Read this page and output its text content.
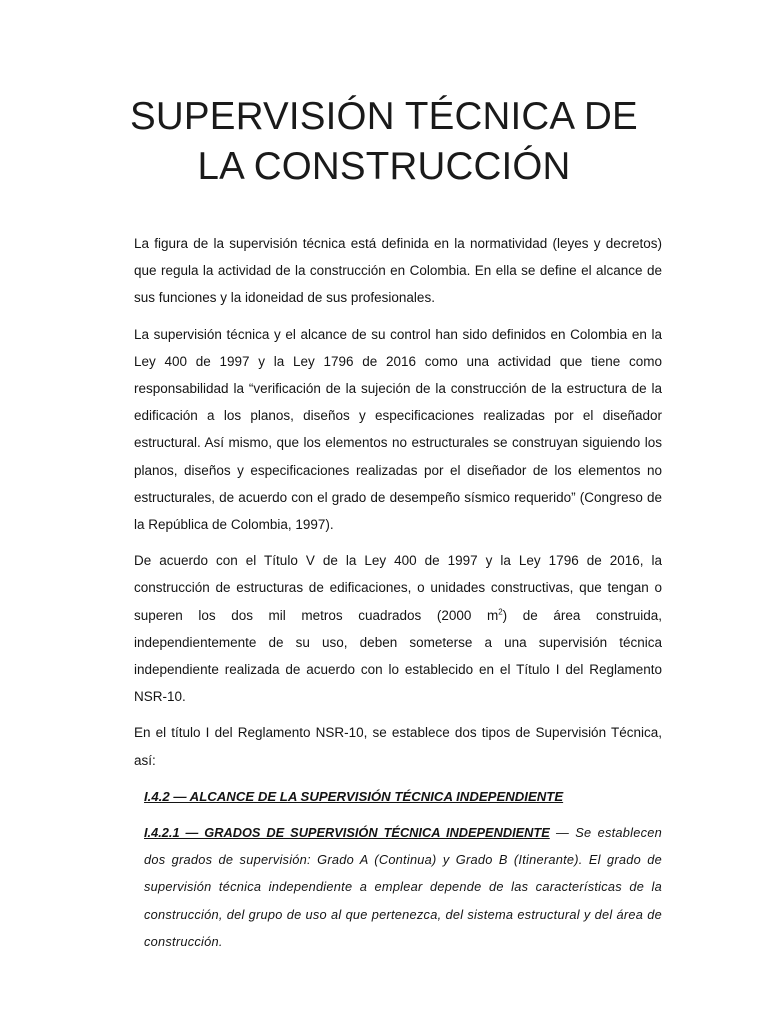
SUPERVISIÓN TÉCNICA DE
LA CONSTRUCCIÓN

La figura de la supervisión técnica está definida en la normatividad (leyes y decretos) que regula la actividad de la construcción en Colombia. En ella se define el alcance de sus funciones y la idoneidad de sus profesionales.

La supervisión técnica y el alcance de su control han sido definidos en Colombia en la Ley 400 de 1997 y la Ley 1796 de 2016 como una actividad que tiene como responsabilidad la “verificación de la sujeción de la construcción de la estructura de la edificación a los planos, diseños y especificaciones realizadas por el diseñador estructural. Así mismo, que los elementos no estructurales se construyan siguiendo los planos, diseños y especificaciones realizadas por el diseñador de los elementos no estructurales, de acuerdo con el grado de desempeño sísmico requerido” (Congreso de la República de Colombia, 1997).

De acuerdo con el Título V de la Ley 400 de 1997 y la Ley 1796 de 2016, la construcción de estructuras de edificaciones, o unidades constructivas, que tengan o superen los dos mil metros cuadrados (2000 $m^2$) de área construida, independientemente de su uso, deben someterse a una supervisión técnica independiente realizada de acuerdo con lo establecido en el Título I del Reglamento NSR-10.

En el título I del Reglamento NSR-10, se establece dos tipos de Supervisión Técnica, así:

I.4.2 — ALCANCE DE LA SUPERVISIÓN TÉCNICA INDEPENDIENTE

I.4.2.1 — GRADOS DE SUPERVISIÓN TÉCNICA INDEPENDIENTE — Se establecen dos grados de supervisión: Grado A (Continua) y Grado B (Itinerante). El grado de supervisión técnica independiente a emplear depende de las características de la construcción, del grupo de uso al que pertenezca, del sistema estructural y del área de construcción.
